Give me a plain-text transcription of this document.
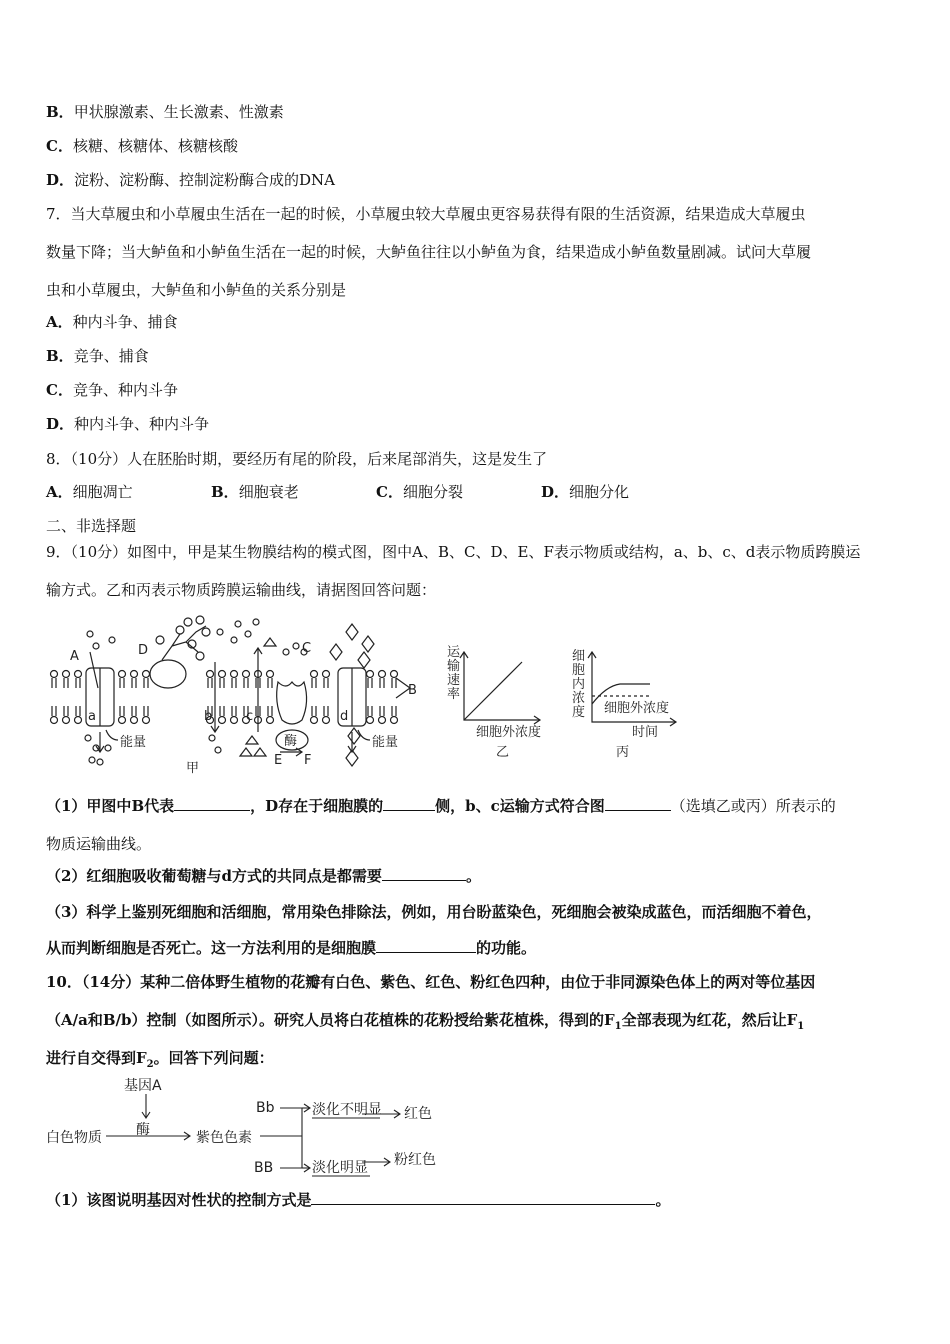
B．甲状腺激素、生长激素、性激素
C．核糖、核糖体、核糖核酸
D．淀粉、淀粉酶、控制淀粉酶合成的DNA
7．当大草履虫和小草履虫生活在一起的时候，小草履虫较大草履虫更容易获得有限的生活资源，结果造成大草履虫
数量下降；当大鲈鱼和小鲈鱼生活在一起的时候，大鲈鱼往往以小鲈鱼为食，结果造成小鲈鱼数量剧减。试问大草履
虫和小草履虫，大鲈鱼和小鲈鱼的关系分别是
A．种内斗争、捕食
B．竞争、捕食
C．竞争、种内斗争
D．种内斗争、种内斗争
8．（10分）人在胚胎时期，要经历有尾的阶段，后来尾部消失，这是发生了
A．细胞凋亡	B．细胞衰老	C．细胞分裂	D．细胞分化
二、非选择题
9．（10分）如图中，甲是某生物膜结构的模式图，图中A、B、C、D、E、F表示物质或结构，a、b、c、d表示物质跨膜运
输方式。乙和丙表示物质跨膜运输曲线，请据图回答问题：
A	D	C
B
a	b	c	d
E F
能量	能量
酶
甲
运
输
速
率
细胞外浓度
乙
细
胞
内
浓
度 细胞外浓度
时间
丙
（1）甲图中B代表	，D存在于细胞膜的	侧，b、c运输方式符合图	（选填乙或丙）所表示的
物质运输曲线。
（2）红细胞吸收葡萄糖与d方式的共同点是都需要	。
（3）科学上鉴别死细胞和活细胞，常用染色排除法，例如，用台盼蓝染色，死细胞会被染成蓝色，而活细胞不着色，
从而判断细胞是否死亡。这一方法利用的是细胞膜	的功能。
10．（14分）某种二倍体野生植物的花瓣有白色、紫色、红色、粉红色四种，由位于非同源染色体上的两对等位基因
（A/a和B/b）控制（如图所示）。研究人员将白花植株的花粉授给紫花植株，得到的$F_1$全部表现为红花，然后让$F_1$
进行自交得到$F_2$。回答下列问题：
基因A
酶
白色物质	紫色色素
Bb
BB
淡化不明显
淡化明显
红色
粉红色
（1）该图说明基因对性状的控制方式是	。
